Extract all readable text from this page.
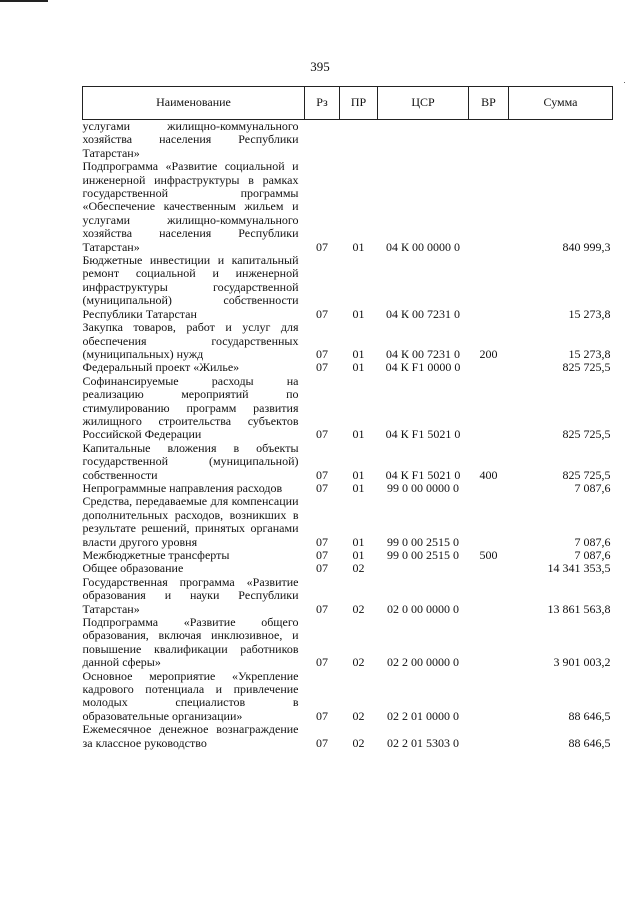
395
Наименование	Рз	ПР	ЦСР	ВР	Сумма
услугами жилищно-коммунального хозяйства населения Республики Татарстан»					
Подпрограмма «Развитие социальной и инженерной инфраструктуры в рамках государственной программы «Обеспечение качественным жильем и услугами жилищно-коммунального хозяйства населения Республики Татарстан»	07	01	04 К 00 0000 0		840 999,3
Бюджетные инвестиции и капитальный ремонт социальной и инженерной инфраструктуры государственной (муниципальной) собственности Республики Татарстан	07	01	04 К 00 7231 0		15 273,8
Закупка товаров, работ и услуг для обеспечения государственных (муниципальных) нужд	07	01	04 К 00 7231 0	200	15 273,8
Федеральный проект «Жилье»	07	01	04 К F1 0000 0		825 725,5
Софинансируемые расходы на реализацию мероприятий по стимулированию программ развития жилищного строительства субъектов Российской Федерации	07	01	04 К F1 5021 0		825 725,5
Капитальные вложения в объекты государственной (муниципальной) собственности	07	01	04 К F1 5021 0	400	825 725,5
Непрограммные направления расходов	07	01	99 0 00 0000 0		7 087,6
Средства, передаваемые для компенсации дополнительных расходов, возникших в результате решений, принятых органами власти другого уровня	07	01	99 0 00 2515 0		7 087,6
Межбюджетные трансферты	07	01	99 0 00 2515 0	500	7 087,6
Общее образование	07	02			14 341 353,5
Государственная программа «Развитие образования и науки Республики Татарстан»	07	02	02 0 00 0000 0		13 861 563,8
Подпрограмма «Развитие общего образования, включая инклюзивное, и повышение квалификации работников данной сферы»	07	02	02 2 00 0000 0		3 901 003,2
Основное мероприятие «Укрепление кадрового потенциала и привлечение молодых специалистов в образовательные организации»	07	02	02 2 01 0000 0		88 646,5
Ежемесячное денежное вознаграждение за классное руководство	07	02	02 2 01 5303 0		88 646,5
